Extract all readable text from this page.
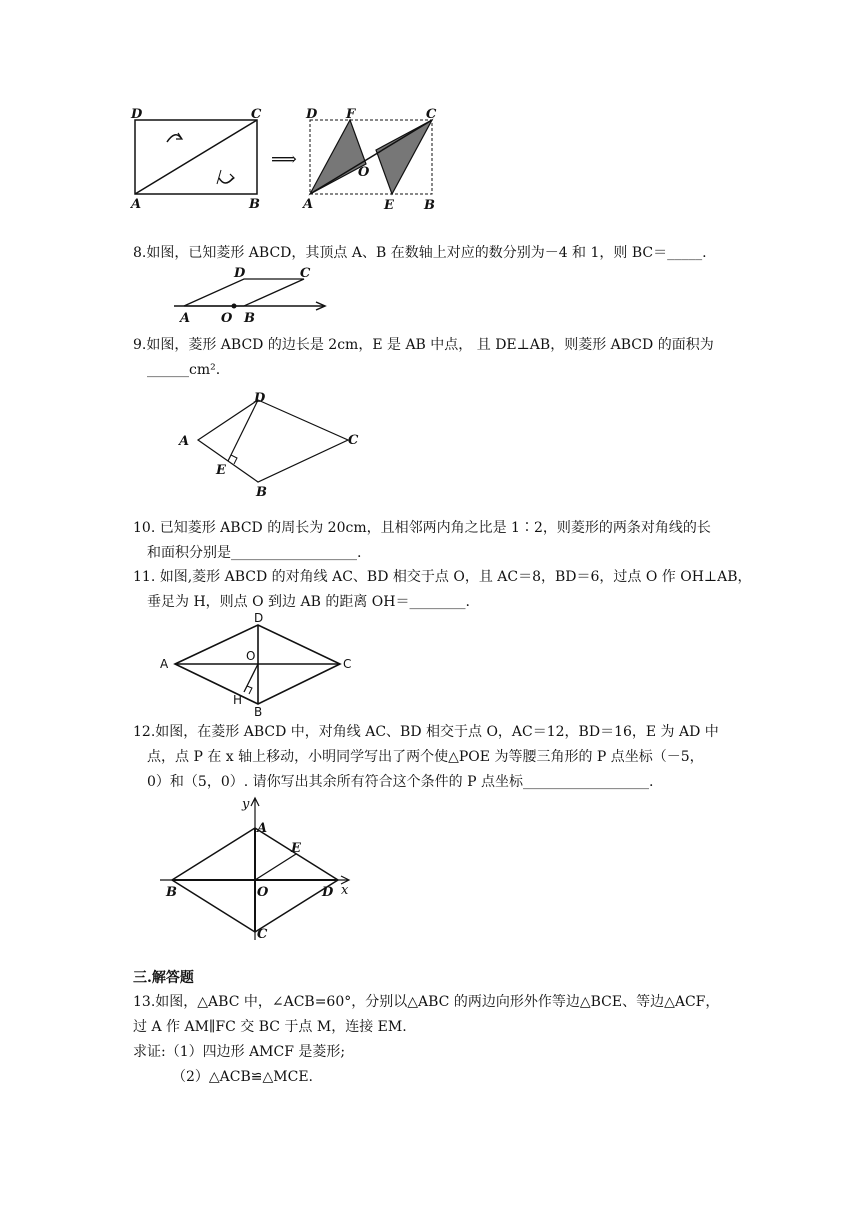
D	C
A	B
⟹
D F	C
O
A	E B
8.如图，已知菱形 ABCD，其顶点 A、B 在数轴上对应的数分别为－4 和 1，则 BC＝_____.
D	C
A O B
9.如图，菱形 ABCD 的边长是 2cm，E 是 AB 中点， 且 DE⊥AB，则菱形 ABCD 的面积为
______cm².
D
A	C
E
B
10. 已知菱形 ABCD 的周长为 20cm，且相邻两内角之比是 1∶2，则菱形的两条对角线的长
和面积分别是__________________.
11. 如图,菱形 ABCD 的对角线 AC、BD 相交于点 O，且 AC＝8，BD＝6，过点 O 作 OH⊥AB，
垂足为 H，则点 O 到边 AB 的距离 OH＝________.
D
A
O
C
H
B
12.如图，在菱形 ABCD 中，对角线 AC、BD 相交于点 O，AC＝12，BD＝16，E 为 AD 中
点，点 P 在 x 轴上移动，小明同学写出了两个使△POE 为等腰三角形的 P 点坐标（－5，
0）和（5，0）. 请你写出其余所有符合这个条件的 P 点坐标__________________.
y
A
E
B	O	D x
C
三.解答题
13.如图，△ABC 中，∠ACB=60°，分别以△ABC 的两边向形外作等边△BCE、等边△ACF，
过 A 作 AM∥FC 交 BC 于点 M，连接 EM.
求证:（1）四边形 AMCF 是菱形;
（2）△ACB≌△MCE.
